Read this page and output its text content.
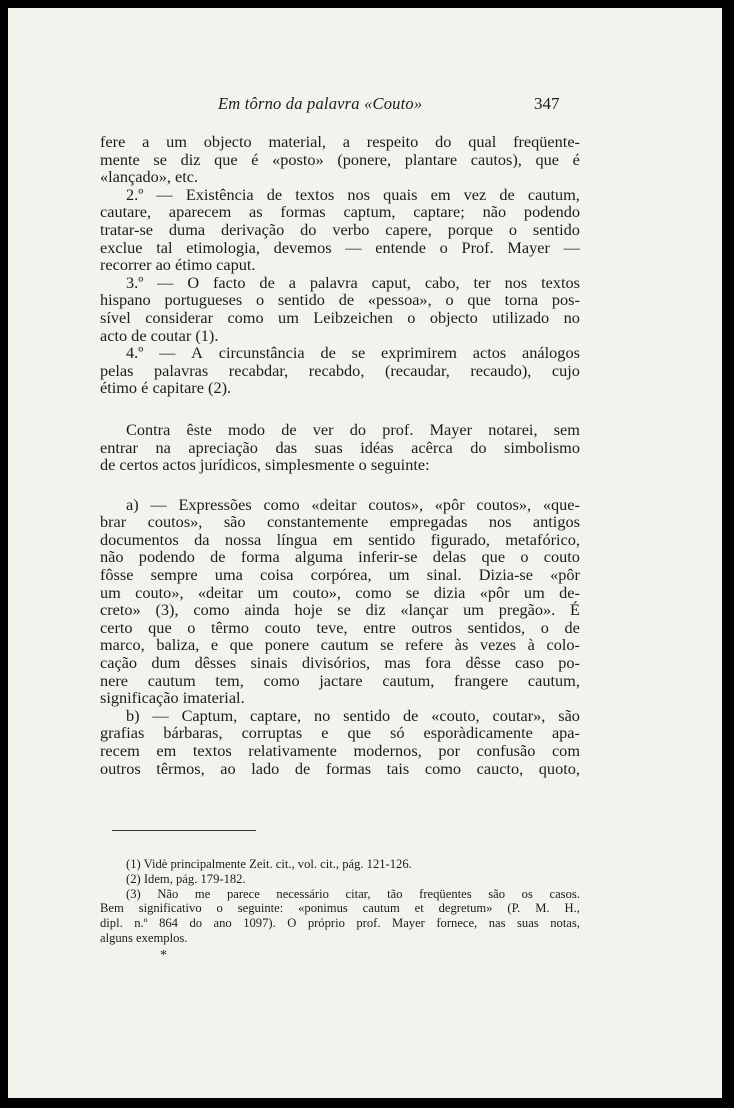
Em tôrno da palavra «Couto»	347
fere a um objecto material, a respeito do qual freqüente-
mente se diz que é «posto» (ponere, plantare cautos), que é
«lançado», etc.
2.º — Existência de textos nos quais em vez de cautum,
cautare, aparecem as formas captum, captare; não podendo
tratar-se duma derivação do verbo capere, porque o sentido
exclue tal etimologia, devemos — entende o Prof. Mayer —
recorrer ao étimo caput.
3.º — O facto de a palavra caput, cabo, ter nos textos
hispano portugueses o sentido de «pessoa», o que torna pos-
sível considerar como um Leibzeichen o objecto utilizado no
acto de coutar (1).
4.º — A circunstância de se exprimirem actos análogos
pelas palavras recabdar, recabdo, (recaudar, recaudo), cujo
étimo é capitare (2).
Contra êste modo de ver do prof. Mayer notarei, sem
entrar na apreciação das suas idéas acêrca do simbolismo
de certos actos jurídicos, simplesmente o seguinte:
a) — Expressões como «deitar coutos», «pôr coutos», «que-
brar coutos», são constantemente empregadas nos antigos
documentos da nossa língua em sentido figurado, metafórico,
não podendo de forma alguma inferir-se delas que o couto
fôsse sempre uma coisa corpórea, um sinal. Dizia-se «pôr
um couto», «deitar um couto», como se dizia «pôr um de-
creto» (3), como ainda hoje se diz «lançar um pregão». É
certo que o têrmo couto teve, entre outros sentidos, o de
marco, baliza, e que ponere cautum se refere às vezes à colo-
cação dum dêsses sinais divisórios, mas fora dêsse caso po-
nere cautum tem, como jactare cautum, frangere cautum,
significação imaterial.
b) — Captum, captare, no sentido de «couto, coutar», são
grafias bárbaras, corruptas e que só esporàdicamente apa-
recem em textos relativamente modernos, por confusão com
outros têrmos, ao lado de formas tais como caucto, quoto,
(1) Vidè principalmente Zeit. cit., vol. cit., pág. 121-126.
(2) Idem, pág. 179-182.
(3) Não me parece necessário citar, tão freqüentes são os casos.
Bem significativo o seguinte: «ponimus cautum et degretum» (P. M. H.,
dipl. n.º 864 do ano 1097). O próprio prof. Mayer fornece, nas suas notas,
alguns exemplos.
*
